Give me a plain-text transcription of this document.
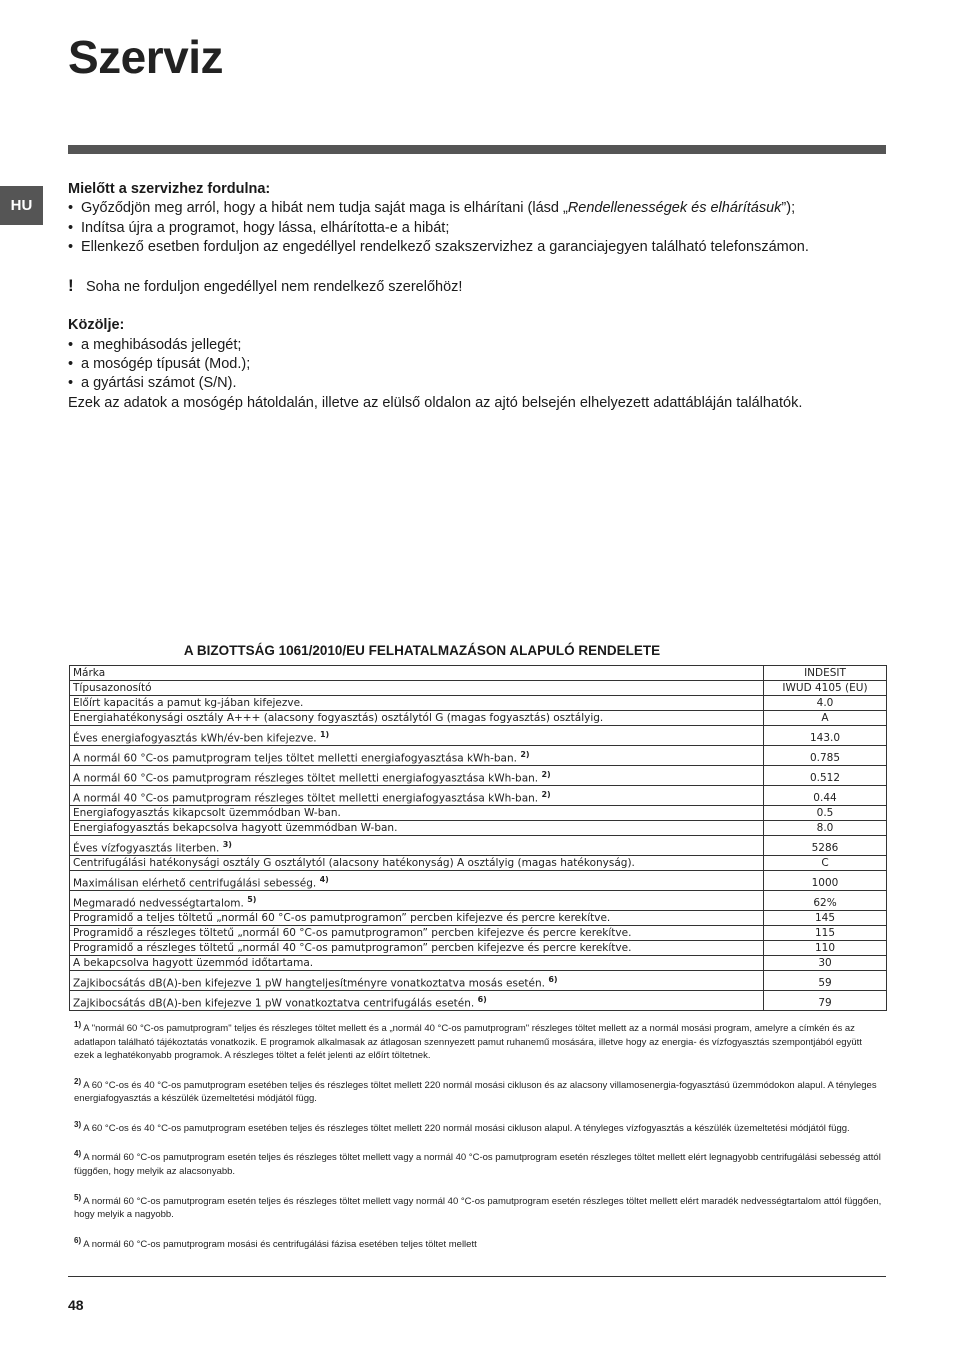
Szerviz
HU

Mielőtt a szervizhez fordulna:

• Győződjön meg arról, hogy a hibát nem tudja saját maga is elhárítani (lásd „Rendellenességek és elhárításuk”);
• Indítsa újra a programot, hogy lássa, elhárította-e a hibát;
• Ellenkező esetben forduljon az engedéllyel rendelkező szakszervizhez a garanciajegyen található telefonszámon.
! Soha ne forduljon engedéllyel nem rendelkező szerelőhöz!

Közölje:

• a meghibásodás jellegét;
• a mosógép típusát (Mod.);
• a gyártási számot (S/N).

Ezek az adatok a mosógép hátoldalán, illetve az elülső oldalon az ajtó belsején elhelyezett adattábláján találhatók.

A BIZOTTSÁG 1061/2010/EU FELHATALMAZÁSON ALAPULÓ RENDELETE
Márka	INDESIT
Típusazonosító	IWUD 4105 (EU)
Előírt kapacitás a pamut kg-jában kifejezve.	4.0
Energiahatékonysági osztály A+++ (alacsony fogyasztás) osztálytól G (magas fogyasztás) osztályig.	A
Éves energiafogyasztás kWh/év-ben kifejezve. $^{1)}$	143.0
A normál 60 °C-os pamutprogram teljes töltet melletti energiafogyasztása kWh-ban. $^{2)}$	0.785
A normál 60 °C-os pamutprogram részleges töltet melletti energiafogyasztása kWh-ban. $^{2)}$	0.512
A normál 40 °C-os pamutprogram részleges töltet melletti energiafogyasztása kWh-ban. $^{2)}$	0.44
Energiafogyasztás kikapcsolt üzemmódban W-ban.	0.5
Energiafogyasztás bekapcsolva hagyott üzemmódban W-ban.	8.0
Éves vízfogyasztás literben. $^{3)}$	5286
Centrifugálási hatékonysági osztály G osztálytól (alacsony hatékonyság) A osztályig (magas hatékonyság).	C
Maximálisan elérhető centrifugálási sebesség. $^{4)}$	1000
Megmaradó nedvességtartalom. $^{5)}$	62%
Programidő a teljes töltetű „normál 60 °C-os pamutprogramon” percben kifejezve és percre kerekítve.	145
Programidő a részleges töltetű „normál 60 °C-os pamutprogramon” percben kifejezve és percre kerekítve.	115
Programidő a részleges töltetű „normál 40 °C-os pamutprogramon” percben kifejezve és percre kerekítve.	110
A bekapcsolva hagyott üzemmód időtartama.	30
Zajkibocsátás dB(A)-ben kifejezve 1 pW hangteljesítményre vonatkoztatva mosás esetén. $^{6)}$	59
Zajkibocsátás dB(A)-ben kifejezve 1 pW vonatkoztatva centrifugálás esetén. $^{6)}$	79

$^{1)}$ A "normál 60 °C-os pamutprogram" teljes és részleges töltet mellett és a „normál 40 °C-os pamutprogram" részleges töltet mellett az a normál mosási program, amelyre a címkén és az adatlapon található tájékoztatás vonatkozik. E programok alkalmasak az átlagosan szennyezett pamut ruhanemű mosására, illetve hogy az energia- és vízfogyasztás szempontjából együtt ezek a leghatékonyabb programok. A részleges töltet a felét jelenti az előírt töltetnek.

$^{2)}$ A 60 °C-os és 40 °C-os pamutprogram esetében teljes és részleges töltet mellett 220 normál mosási cikluson és az alacsony villamosenergia-fogyasztású üzemmódokon alapul. A tényleges energiafogyasztás a készülék üzemeltetési módjától függ.

$^{3)}$ A 60 °C-os és 40 °C-os pamutprogram esetében teljes és részleges töltet mellett 220 normál mosási cikluson alapul. A tényleges vízfogyasztás a készülék üzemeltetési módjától függ.

$^{4)}$ A normál 60 °C-os pamutprogram esetén teljes és részleges töltet mellett vagy a normál 40 °C-os pamutprogram esetén részleges töltet mellett elért legnagyobb centrifugálási sebesség attól függően, hogy melyik az alacsonyabb.

$^{5)}$ A normál 60 °C-os pamutprogram esetén teljes és részleges töltet mellett vagy normál 40 °C-os pamutprogram esetén részleges töltet mellett elért maradék nedvességtartalom attól függően, hogy melyik a nagyobb.

$^{6)}$ A normál 60 °C-os pamutprogram mosási és centrifugálási fázisa esetében teljes töltet mellett

48
